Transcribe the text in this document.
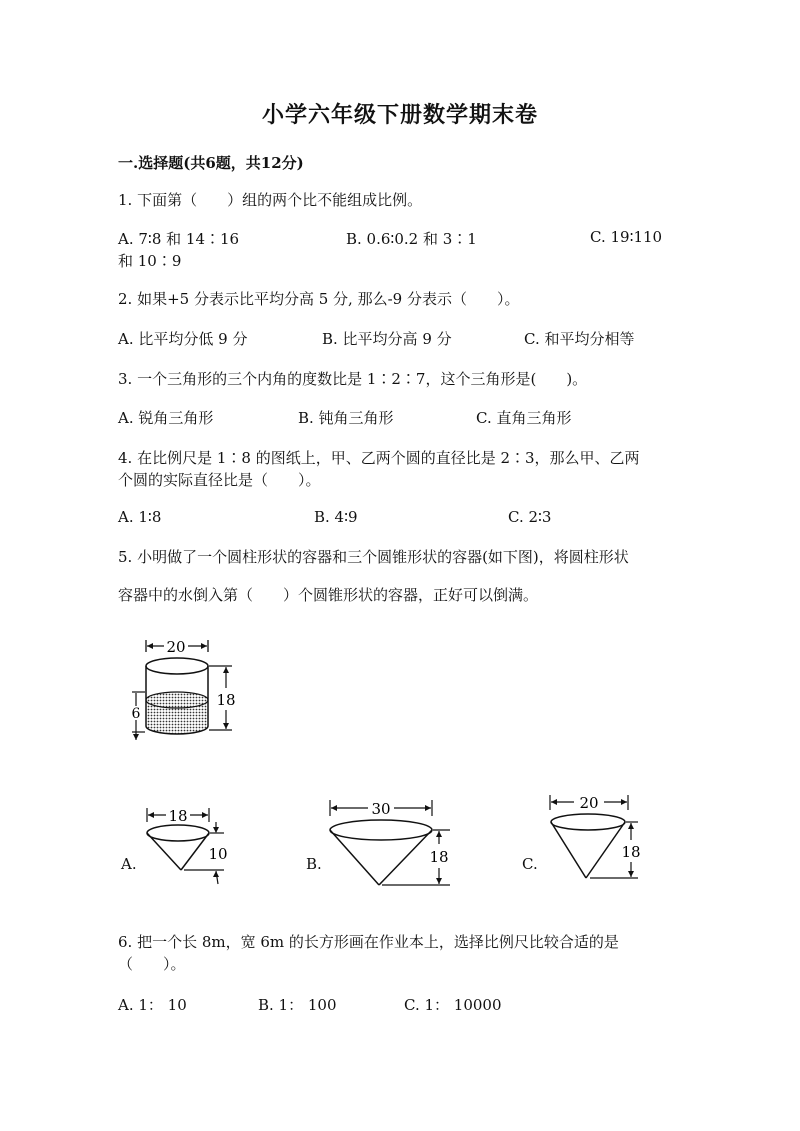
小学六年级下册数学期末卷
一.选择题(共6题，共12分)
1. 下面第（　　）组的两个比不能组成比例。
A. 7∶8 和 14∶16	B. 0.6∶0.2 和 3∶1	C. 19∶110
和 10∶9
2. 如果+5 分表示比平均分高 5 分, 那么-9 分表示（　　）。
A. 比平均分低 9 分	B. 比平均分高 9 分	C. 和平均分相等
3. 一个三角形的三个内角的度数比是 1∶2∶7，这个三角形是(　　)。
A. 锐角三角形	B. 钝角三角形	C. 直角三角形
4. 在比例尺是 1∶8 的图纸上，甲、乙两个圆的直径比是 2∶3，那么甲、乙两
个圆的实际直径比是（　　）。
A. 1∶8	B. 4∶9	C. 2∶3
5. 小明做了一个圆柱形状的容器和三个圆锥形状的容器(如下图)，将圆柱形状
容器中的水倒入第（　　）个圆锥形状的容器，正好可以倒满。
20
18
6
A.
18
10
B.
30
18	C.
20
18
6. 把一个长 8m，宽 6m 的长方形画在作业本上，选择比例尺比较合适的是
（　　）。
A. 1： 10	B. 1： 100	C. 1： 10000
